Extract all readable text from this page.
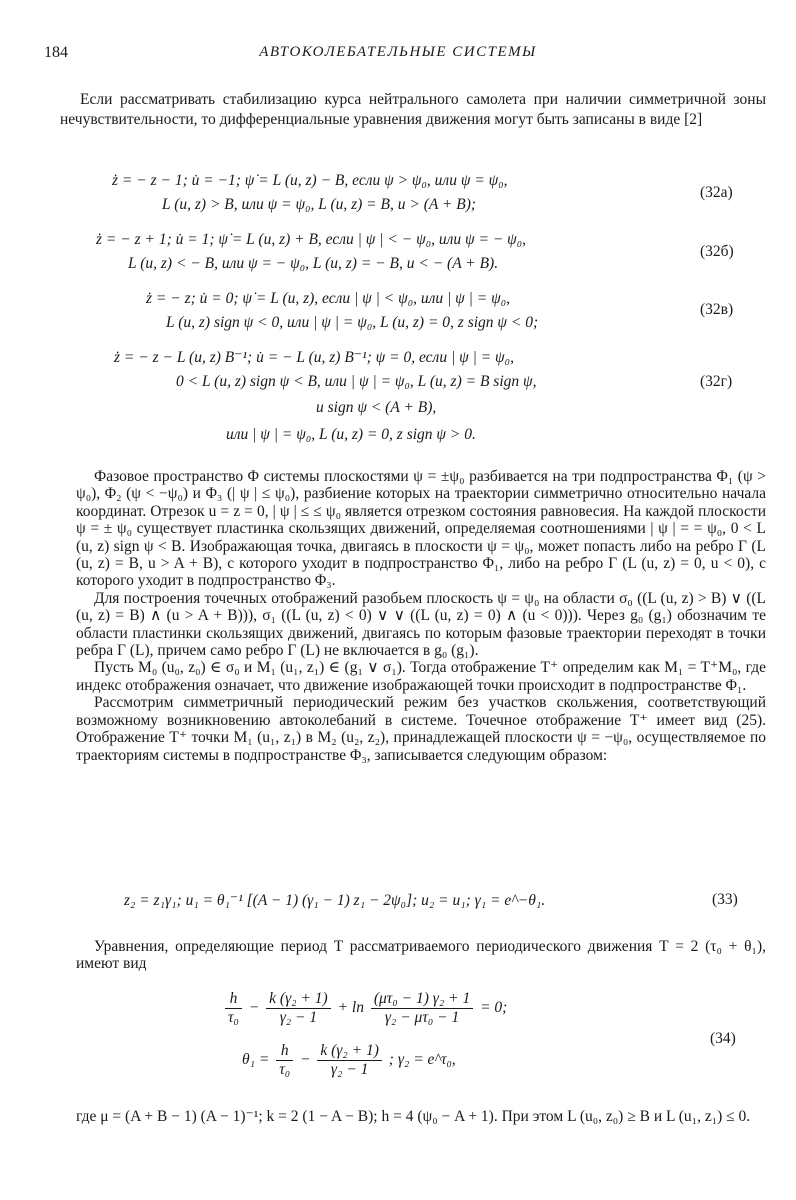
184	АВТОКОЛЕБАТЕЛЬНЫЕ СИСТЕМЫ

Если рассматривать стабилизацию курса нейтрального самолета при наличии симметричной зоны нечувствительности, то дифференциальные уравнения движения могут быть записаны в виде [2]

ż = − z − 1; u̇ = −1; ψ̇ = L (u, z) − B, если ψ > ψ₀, или ψ = ψ₀,
L (u, z) > B, или ψ = ψ₀, L (u, z) = B, u > (A + B);
(32а)
ż = − z + 1; u̇ = 1; ψ̇ = L (u, z) + B, если | ψ | < − ψ₀, или ψ = − ψ₀,
L (u, z) < − B, или ψ = − ψ₀, L (u, z) = − B, u < − (A + B).
(32б)
ż = − z; u̇ = 0; ψ̇ = L (u, z), если | ψ | < ψ₀, или | ψ | = ψ₀,
L (u, z) sign ψ < 0, или | ψ | = ψ₀, L (u, z) = 0, z sign ψ < 0;
(32в)
ż = − z − L (u, z) B⁻¹; u̇ = − L (u, z) B⁻¹; ψ = 0, если | ψ | = ψ₀,
0 < L (u, z) sign ψ < B, или | ψ | = ψ₀, L (u, z) = B sign ψ,
u sign ψ < (A + B),
или | ψ | = ψ₀, L (u, z) = 0, z sign ψ > 0.
(32г)

Фазовое пространство Φ системы плоскостями ψ = ±ψ₀ разбивается на три подпространства Φ₁ (ψ > ψ₀), Φ₂ (ψ < −ψ₀) и Φ₃ (| ψ | ≤ ψ₀), разбиение которых на траектории симметрично относительно начала координат. Отрезок u = z = 0, | ψ | ≤ ≤ ψ₀ является отрезком состояния равновесия. На каждой плоскости ψ = ± ψ₀ существует пластинка скользящих движений, определяемая соотношениями | ψ | = = ψ₀, 0 < L (u, z) sign ψ < B. Изображающая точка, двигаясь в плоскости ψ = ψ₀, может попасть либо на ребро Г (L (u, z) = B, u > A + B), с которого уходит в подпространство Φ₁, либо на ребро Г (L (u, z) = 0, u < 0), с которого уходит в подпространство Φ₃.

Для построения точечных отображений разобьем плоскость ψ = ψ₀ на области σ₀ ((L (u, z) > B) ∨ ((L (u, z) = B) ∧ (u > A + B))), σ₁ ((L (u, z) < 0) ∨ ∨ ((L (u, z) = 0) ∧ (u < 0))). Через g₀ (g₁) обозначим те области пластинки скользящих движений, двигаясь по которым фазовые траектории переходят в точки ребра Г (L), причем само ребро Г (L) не включается в g₀ (g₁).

Пусть M₀ (u₀, z₀) ∈ σ₀ и M₁ (u₁, z₁) ∈ (g₁ ∨ σ₁). Тогда отображение T⁺ определим как M₁ = T⁺M₀, где индекс отображения означает, что движение изображающей точки происходит в подпространстве Φ₁.

Рассмотрим симметричный периодический режим без участков скольжения, соответствующий возможному возникновению автоколебаний в системе. Точечное отображение T⁺ имеет вид (25). Отображение T⁺ точки M₁ (u₁, z₁) в M₂ (u₂, z₂), принадлежащей плоскости ψ = −ψ₀, осуществляемое по траекториям системы в подпространстве Φ₃, записывается следующим образом:

z₂ = z₁γ₁; u₁ = θ₁⁻¹ [(A − 1) (γ₁ − 1) z₁ − 2ψ₀]; u₂ = u₁; γ₁ = e^−θ₁.	(33)

Уравнения, определяющие период T рассматриваемого периодического движения T = 2 (τ₀ + θ₁), имеют вид

$\frac{h}{\text{τ₀}} - \frac{\text{k (γ₂ + 1)}}{\text{γ₂ − 1}} + \ln \frac{\text{(μτ₀ − 1) γ₂ + 1}}{\text{γ₂ − μτ₀ − 1}} = 0$;
$\theta_1 = \frac{h}{\text{τ₀}} - \frac{\text{k (γ₂ + 1)}}{\text{γ₂ − 1}}$ ; γ₂ = e^τ₀,
(34)

где μ = (A + B − 1) (A − 1)⁻¹; k = 2 (1 − A − B); h = 4 (ψ₀ − A + 1). При этом L (u₀, z₀) ≥ B и L (u₁, z₁) ≤ 0.
